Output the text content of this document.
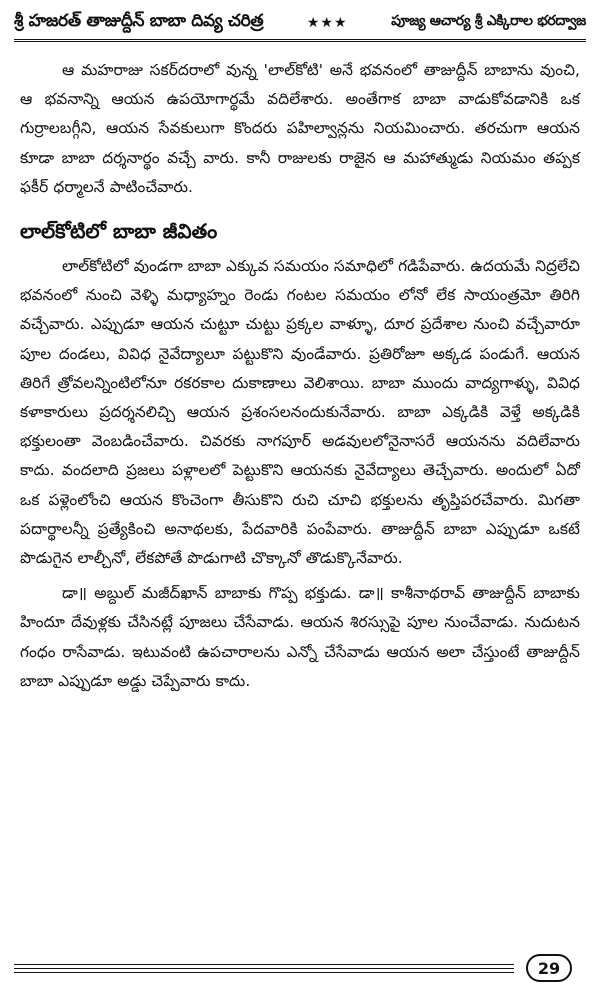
శ్రీ హజరత్ తాజుద్దీన్ బాబా దివ్య చరిత్ర	★★★	పూజ్య ఆచార్య శ్రీ ఎక్కిరాల భరద్వాజ

ఆ మహరాజు సకర్‌దరాలో వున్న 'లాల్‌కోటి' అనే భవనంలో తాజుద్దీన్ బాబాను వుంచి, ఆ భవనాన్ని ఆయన ఉపయోగార్థమే వదిలేశారు. అంతేగాక బాబా వాడుకోవడానికి ఒక గుర్రాలబగ్గీని, ఆయన సేవకులుగా కొందరు పహిల్వాన్లను నియమించారు. తరచుగా ఆయన కూడా బాబా దర్శనార్థం వచ్చే వారు. కానీ రాజులకు రాజైన ఆ మహాత్ముడు నియమం తప్పక ఫకీర్ ధర్మాలనే పాటించేవారు.

లాల్‌కోటిలో బాబా జీవితం

లాల్‌కోటిలో వుండగా బాబా ఎక్కువ సమయం సమాధిలో గడిపేవారు. ఉదయమే నిద్రలేచి భవనంలో నుంచి వెళ్ళి మధ్యాహ్నం రెండు గంటల సమయం లోనో లేక సాయంత్రమో తిరిగి వచ్చేవారు. ఎప్పుడూ ఆయన చుట్టూ చుట్టు ప్రక్కల వాళ్ళూ, దూర ప్రదేశాల నుంచి వచ్చేవారూ పూల దండలు, వివిధ నైవేద్యాలూ పట్టుకొని వుండేవారు. ప్రతిరోజూ అక్కడ పండుగే. ఆయన తిరిగే త్రోవలన్నింటిలోనూ రకరకాల దుకాణాలు వెలిశాయి. బాబా ముందు వాద్యగాళ్ళు, వివిధ కళాకారులు ప్రదర్శనలిచ్చి ఆయన ప్రశంసలనందుకునేవారు. బాబా ఎక్కడికి వెళ్తే అక్కడికి భక్తులంతా వెంబడించేవారు. చివరకు నాగపూర్ అడవులలోనైనాసరే ఆయనను వదిలేవారు కాదు. వందలాది ప్రజలు పళ్లాలలో పెట్టుకొని ఆయనకు నైవేద్యాలు తెచ్చేవారు. అందులో ఏదో ఒక పళ్లెంలోంచి ఆయన కొంచెంగా తీసుకొని రుచి చూచి భక్తులను తృప్తిపరచేవారు. మిగతా పదార్థాలన్నీ ప్రత్యేకించి అనాథలకు, పేదవారికి పంపేవారు. తాజుద్దీన్ బాబా ఎప్పుడూ ఒకటే పొడుగైన లాల్చీనో, లేకపోతే పొడుగాటి చొక్కానో తొడుక్కొనేవారు.

డా॥ అబ్దుల్ మజీద్‌ఖాన్ బాబాకు గొప్ప భక్తుడు. డా॥ కాశీనాథరావ్ తాజుద్దీన్ బాబాకు హిందూ దేవుళ్లకు చేసినట్లే పూజలు చేసేవాడు. ఆయన శిరస్సుపై పూల నుంచేవాడు. నుదుటన గంధం రాసేవాడు. ఇటువంటి ఉపచారాలను ఎన్నో చేసేవాడు ఆయన అలా చేస్తుంటే తాజుద్దీన్ బాబా ఎప్పుడూ అడ్డు చెప్పేవారు కాదు.

29
